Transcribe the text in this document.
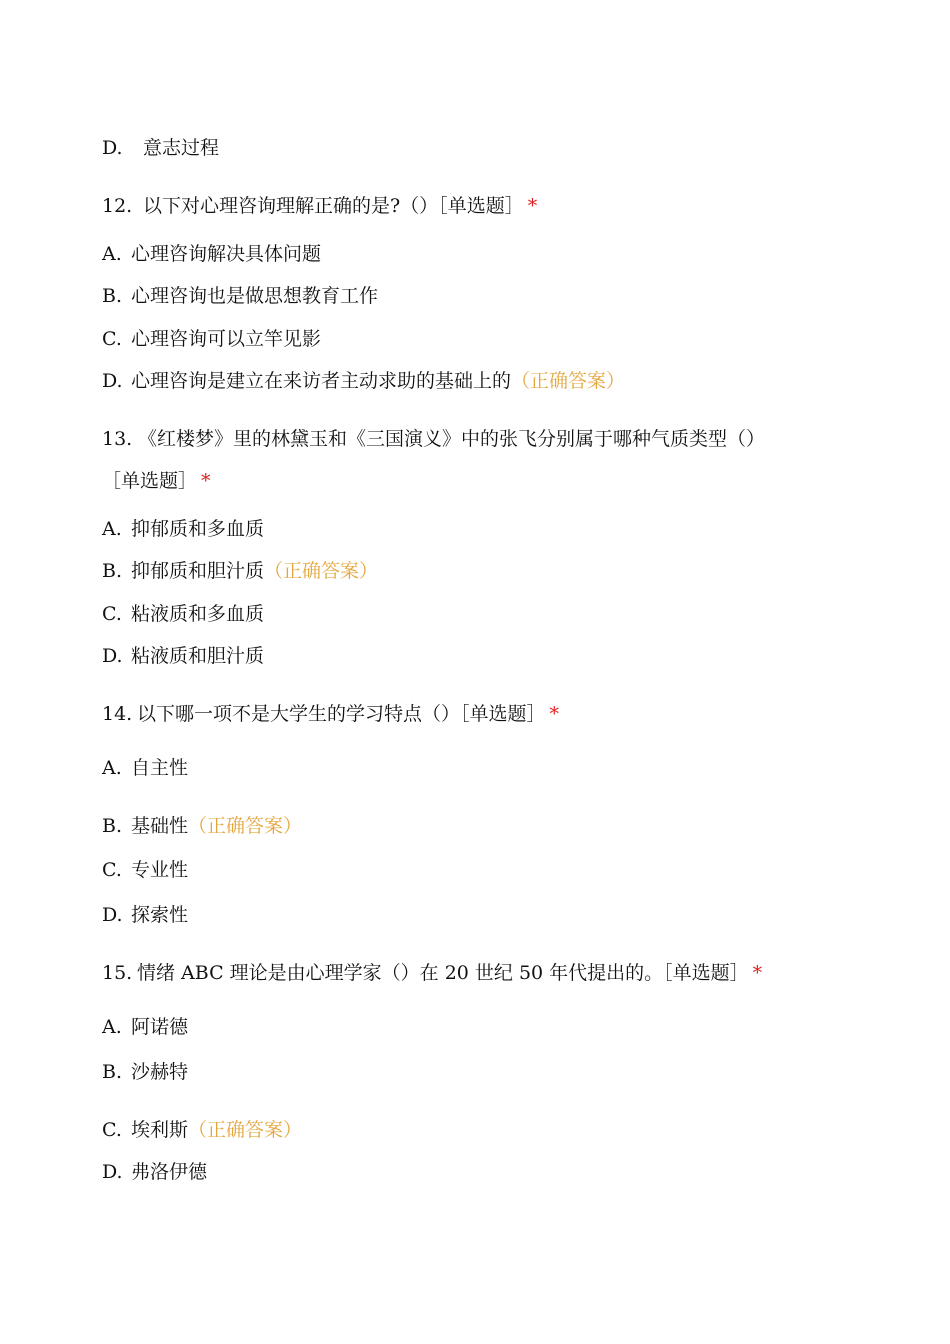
D. 意志过程
12. 以下对心理咨询理解正确的是?（）［单选题］ *
A. 心理咨询解决具体问题
B. 心理咨询也是做思想教育工作
C. 心理咨询可以立竿见影
D. 心理咨询是建立在来访者主动求助的基础上的（正确答案）
13. 《红楼梦》里的林黛玉和《三国演义》中的张飞分别属于哪种气质类型（）
［单选题］ *
A. 抑郁质和多血质
B. 抑郁质和胆汁质（正确答案）
C. 粘液质和多血质
D. 粘液质和胆汁质
14. 以下哪一项不是大学生的学习特点（）［单选题］ *
A. 自主性
B. 基础性（正确答案）
C. 专业性
D. 探索性
15. 情绪 ABC 理论是由心理学家（）在 20 世纪 50 年代提出的。［单选题］ *
A. 阿诺德
B. 沙赫特
C. 埃利斯（正确答案）
D. 弗洛伊德
